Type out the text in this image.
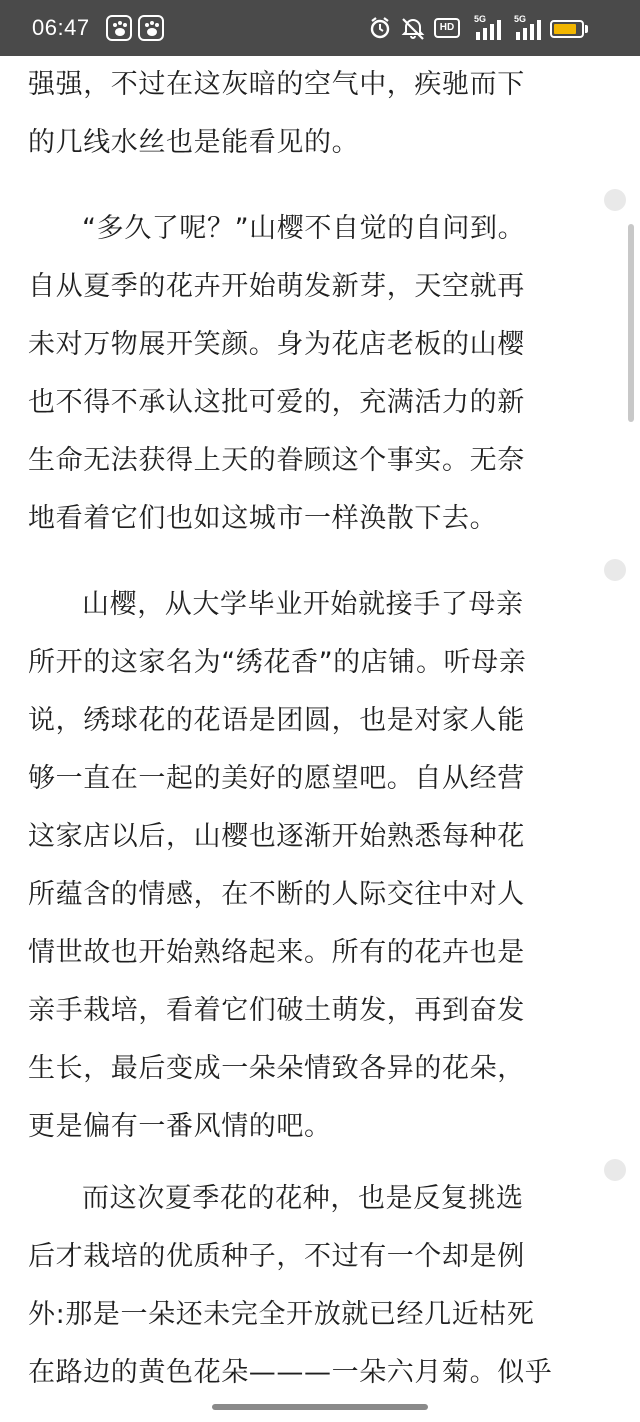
06:47	HD
5G	5G
强强，不过在这灰暗的空气中，疾驰而下
的几线水丝也是能看见的。
“多久了呢？”山樱不自觉的自问到。
自从夏季的花卉开始萌发新芽，天空就再
未对万物展开笑颜。身为花店老板的山樱
也不得不承认这批可爱的，充满活力的新
生命无法获得上天的眷顾这个事实。无奈
地看着它们也如这城市一样涣散下去。
山樱，从大学毕业开始就接手了母亲
所开的这家名为“绣花香”的店铺。听母亲
说，绣球花的花语是团圆，也是对家人能
够一直在一起的美好的愿望吧。自从经营
这家店以后，山樱也逐渐开始熟悉每种花
所蕴含的情感，在不断的人际交往中对人
情世故也开始熟络起来。所有的花卉也是
亲手栽培，看着它们破土萌发，再到奋发
生长，最后变成一朵朵情致各异的花朵，
更是偏有一番风情的吧。
而这次夏季花的花种，也是反复挑选
后才栽培的优质种子，不过有一个却是例
外:那是一朵还未完全开放就已经几近枯死
在路边的黄色花朵———一朵六月菊。似乎
